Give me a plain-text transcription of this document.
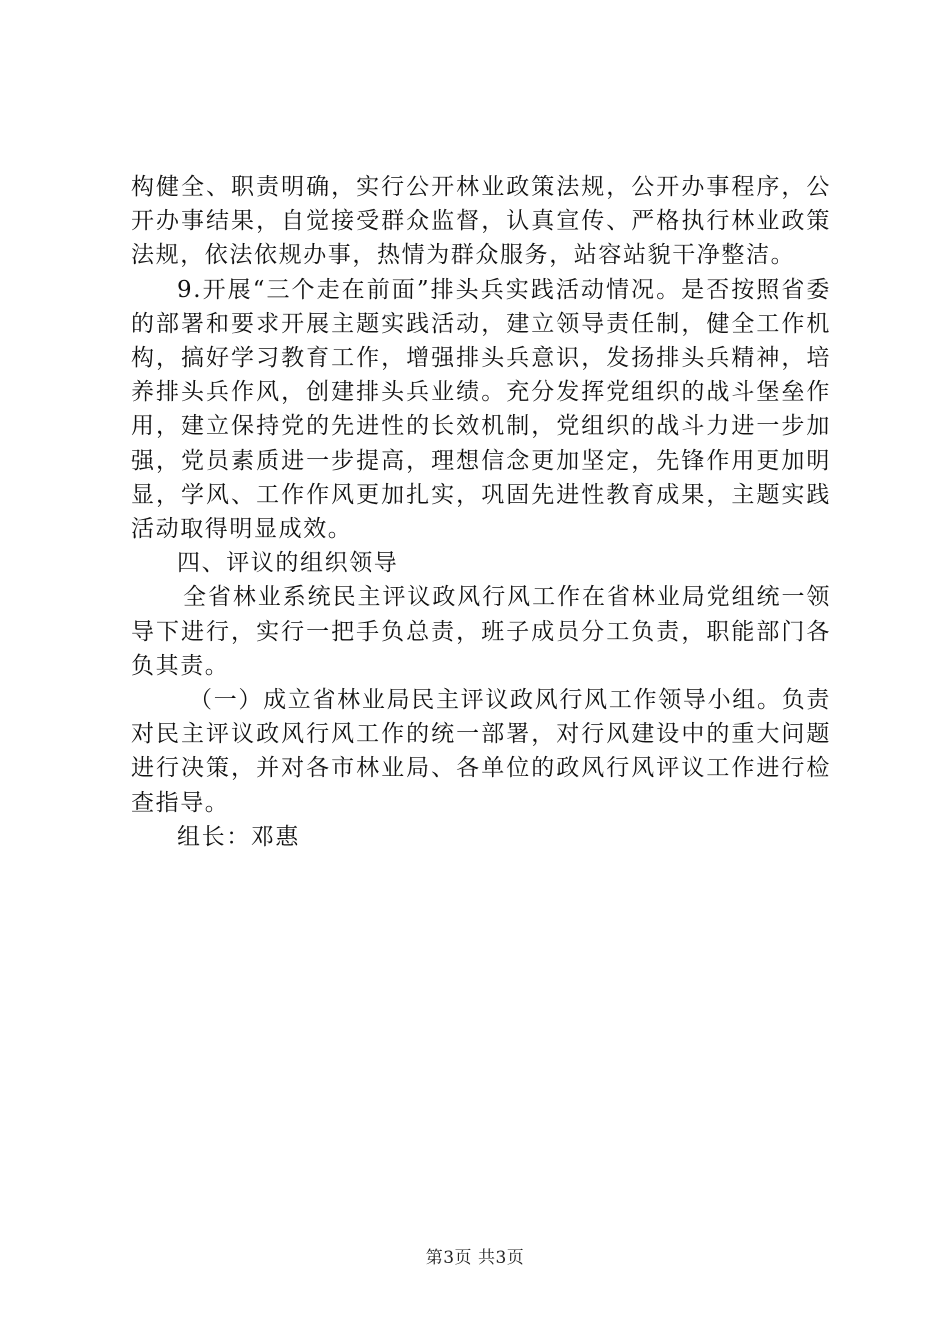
构健全、职责明确，实行公开林业政策法规，公开办事程序，公开办事结果，自觉接受群众监督，认真宣传、严格执行林业政策法规，依法依规办事，热情为群众服务，站容站貌干净整洁。

9.开展“三个走在前面”排头兵实践活动情况。是否按照省委的部署和要求开展主题实践活动，建立领导责任制，健全工作机构，搞好学习教育工作，增强排头兵意识，发扬排头兵精神，培养排头兵作风，创建排头兵业绩。充分发挥党组织的战斗堡垒作用，建立保持党的先进性的长效机制，党组织的战斗力进一步加强，党员素质进一步提高，理想信念更加坚定，先锋作用更加明显，学风、工作作风更加扎实，巩固先进性教育成果，主题实践活动取得明显成效。

四、评议的组织领导

全省林业系统民主评议政风行风工作在省林业局党组统一领导下进行，实行一把手负总责，班子成员分工负责，职能部门各负其责。

（一）成立省林业局民主评议政风行风工作领导小组。负责对民主评议政风行风工作的统一部署，对行风建设中的重大问题进行决策，并对各市林业局、各单位的政风行风评议工作进行检查指导。

组长：邓惠

第3页 共3页
